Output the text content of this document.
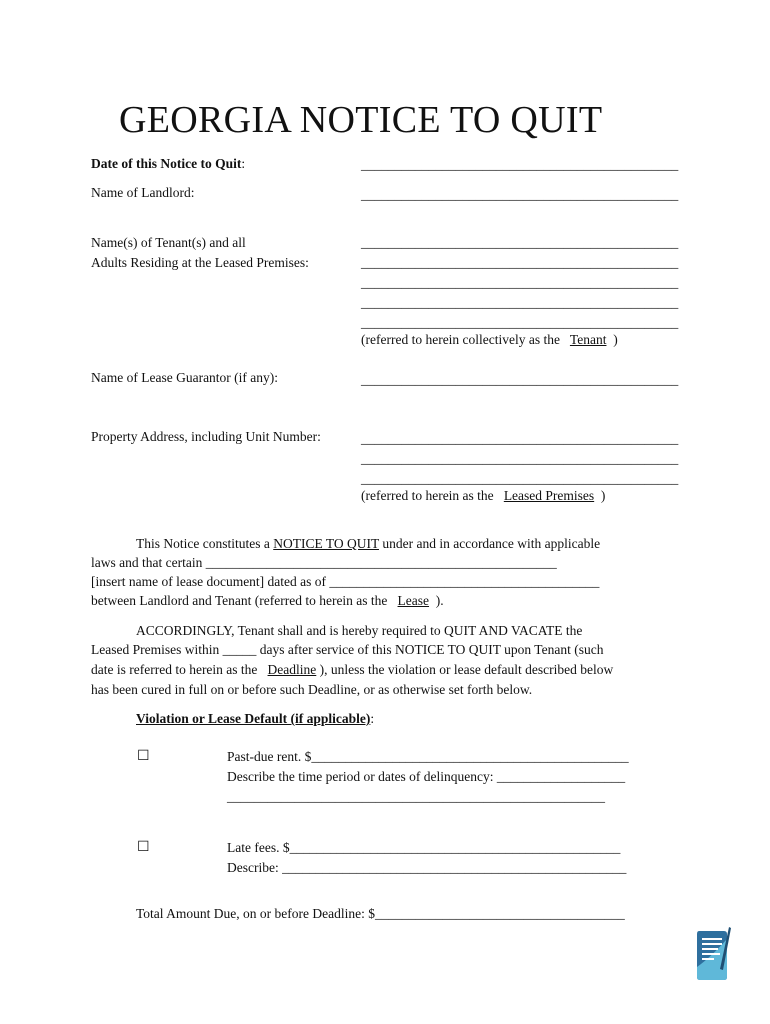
GEORGIA NOTICE TO QUIT
Date of this Notice to Quit:	_______________________________________________
Name of Landlord:	_______________________________________________
Name(s) of Tenant(s) and all
Adults Residing at the Leased Premises:
_______________________________________________
_______________________________________________
_______________________________________________
_______________________________________________
_______________________________________________
(referred to herein collectively as the Tenant )
Name of Lease Guarantor (if any):	_______________________________________________
Property Address, including Unit Number:	_______________________________________________
_______________________________________________
_______________________________________________
(referred to herein as the Leased Premises )
This Notice constitutes a NOTICE TO QUIT under and in accordance with applicable
laws and that certain ____________________________________________________
[insert name of lease document] dated as of ________________________________________
between Landlord and Tenant (referred to herein as the Lease ).
ACCORDINGLY, Tenant shall and is hereby required to QUIT AND VACATE the
Leased Premises within _____ days after service of this NOTICE TO QUIT upon Tenant (such
date is referred to herein as the Deadline ), unless the violation or lease default described below
has been cured in full on or before such Deadline, or as otherwise set forth below.
Violation or Lease Default (if applicable):
☐	Past-due rent. $_______________________________________________
Describe the time period or dates of delinquency: ___________________
________________________________________________________
☐	Late fees. $_________________________________________________
Describe: ___________________________________________________
Total Amount Due, on or before Deadline: $_____________________________________
